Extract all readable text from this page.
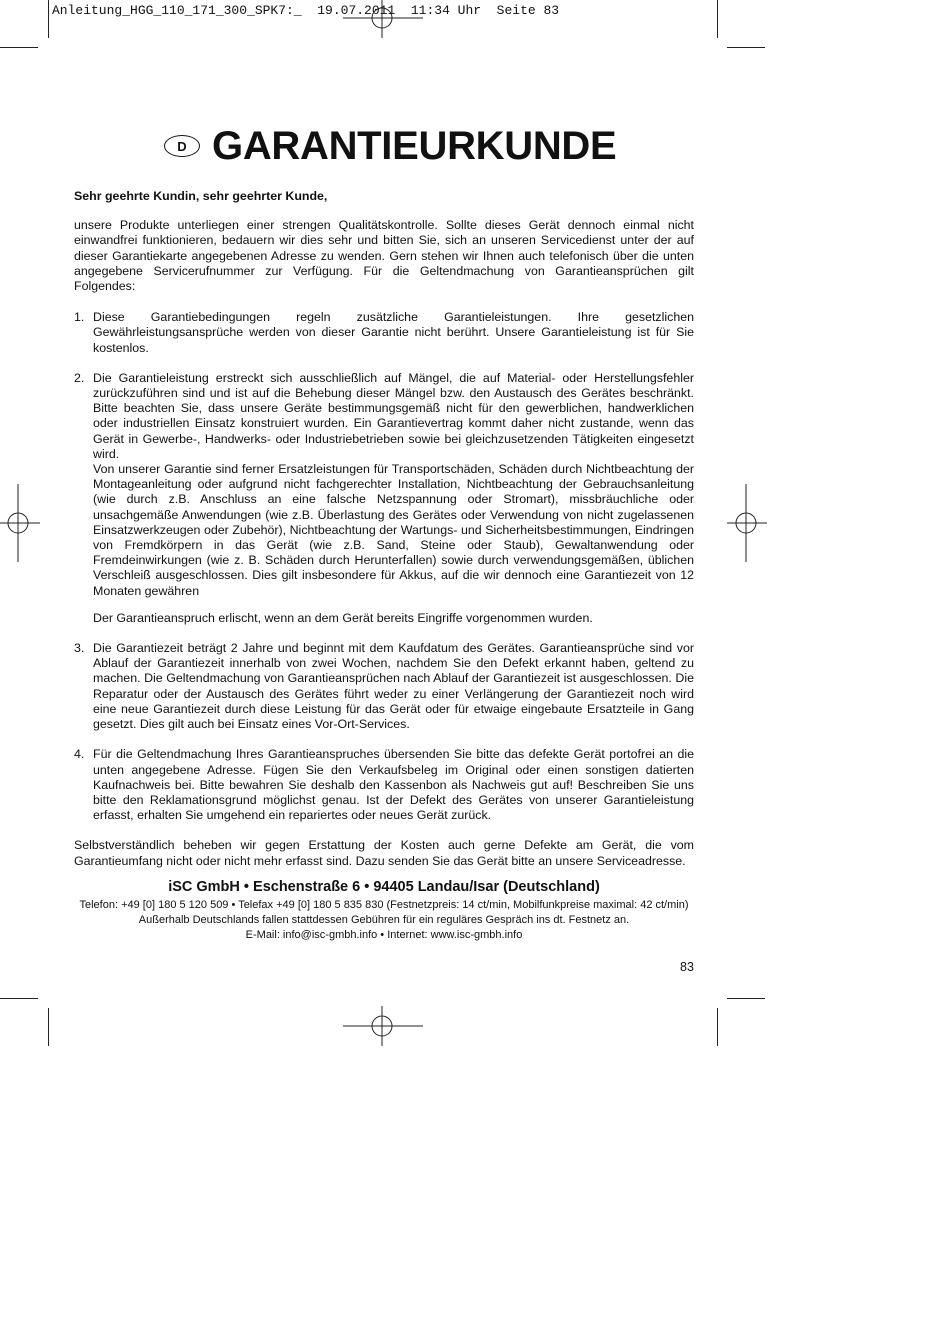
Anleitung_HGG_110_171_300_SPK7:_  19.07.2011  11:34 Uhr  Seite 83
D GARANTIEURKUNDE

Sehr geehrte Kundin, sehr geehrter Kunde,

unsere Produkte unterliegen einer strengen Qualitätskontrolle. Sollte dieses Gerät dennoch einmal nicht einwandfrei funktionieren, bedauern wir dies sehr und bitten Sie, sich an unseren Servicedienst unter der auf dieser Garantiekarte angegebenen Adresse zu wenden. Gern stehen wir Ihnen auch telefonisch über die unten angegebene Servicerufnummer zur Verfügung. Für die Geltendmachung von Garantieansprüchen gilt Folgendes:

1. Diese Garantiebedingungen regeln zusätzliche Garantieleistungen. Ihre gesetzlichen Gewährleistungsansprüche werden von dieser Garantie nicht berührt. Unsere Garantieleistung ist für Sie kostenlos.

2. Die Garantieleistung erstreckt sich ausschließlich auf Mängel, die auf Material- oder Herstellungsfehler zurückzuführen sind und ist auf die Behebung dieser Mängel bzw. den Austausch des Gerätes beschränkt. Bitte beachten Sie, dass unsere Geräte bestimmungsgemäß nicht für den gewerblichen, handwerklichen oder industriellen Einsatz konstruiert wurden. Ein Garantievertrag kommt daher nicht zustande, wenn das Gerät in Gewerbe-, Handwerks- oder Industriebetrieben sowie bei gleichzusetzenden Tätigkeiten eingesetzt wird.

Von unserer Garantie sind ferner Ersatzleistungen für Transportschäden, Schäden durch Nichtbeachtung der Montageanleitung oder aufgrund nicht fachgerechter Installation, Nichtbeachtung der Gebrauchsanleitung (wie durch z.B. Anschluss an eine falsche Netzspannung oder Stromart), missbräuchliche oder unsachgemäße Anwendungen (wie z.B. Überlastung des Gerätes oder Verwendung von nicht zugelassenen Einsatzwerkzeugen oder Zubehör), Nichtbeachtung der Wartungs- und Sicherheitsbestimmungen, Eindringen von Fremdkörpern in das Gerät (wie z.B. Sand, Steine oder Staub), Gewaltanwendung oder Fremdeinwirkungen (wie z. B. Schäden durch Herunterfallen) sowie durch verwendungsgemäßen, üblichen Verschleiß ausgeschlossen. Dies gilt insbesondere für Akkus, auf die wir dennoch eine Garantiezeit von 12 Monaten gewähren

Der Garantieanspruch erlischt, wenn an dem Gerät bereits Eingriffe vorgenommen wurden.

3. Die Garantiezeit beträgt 2 Jahre und beginnt mit dem Kaufdatum des Gerätes. Garantieansprüche sind vor Ablauf der Garantiezeit innerhalb von zwei Wochen, nachdem Sie den Defekt erkannt haben, geltend zu machen. Die Geltendmachung von Garantieansprüchen nach Ablauf der Garantiezeit ist ausgeschlossen. Die Reparatur oder der Austausch des Gerätes führt weder zu einer Verlängerung der Garantiezeit noch wird eine neue Garantiezeit durch diese Leistung für das Gerät oder für etwaige eingebaute Ersatzteile in Gang gesetzt. Dies gilt auch bei Einsatz eines Vor-Ort-Services.

4. Für die Geltendmachung Ihres Garantieanspruches übersenden Sie bitte das defekte Gerät portofrei an die unten angegebene Adresse. Fügen Sie den Verkaufsbeleg im Original oder einen sonstigen datierten Kaufnachweis bei. Bitte bewahren Sie deshalb den Kassenbon als Nachweis gut auf! Beschreiben Sie uns bitte den Reklamationsgrund möglichst genau. Ist der Defekt des Gerätes von unserer Garantieleistung erfasst, erhalten Sie umgehend ein repariertes oder neues Gerät zurück.

Selbstverständlich beheben wir gegen Erstattung der Kosten auch gerne Defekte am Gerät, die vom Garantieumfang nicht oder nicht mehr erfasst sind. Dazu senden Sie das Gerät bitte an unsere Serviceadresse.

iSC GmbH • Eschenstraße 6 • 94405 Landau/Isar (Deutschland)

Telefon: +49 [0] 180 5 120 509 • Telefax +49 [0] 180 5 835 830 (Festnetzpreis: 14 ct/min, Mobilfunkpreise maximal: 42 ct/min)

Außerhalb Deutschlands fallen stattdessen Gebühren für ein reguläres Gespräch ins dt. Festnetz an.

E-Mail: info@isc-gmbh.info • Internet: www.isc-gmbh.info

83
